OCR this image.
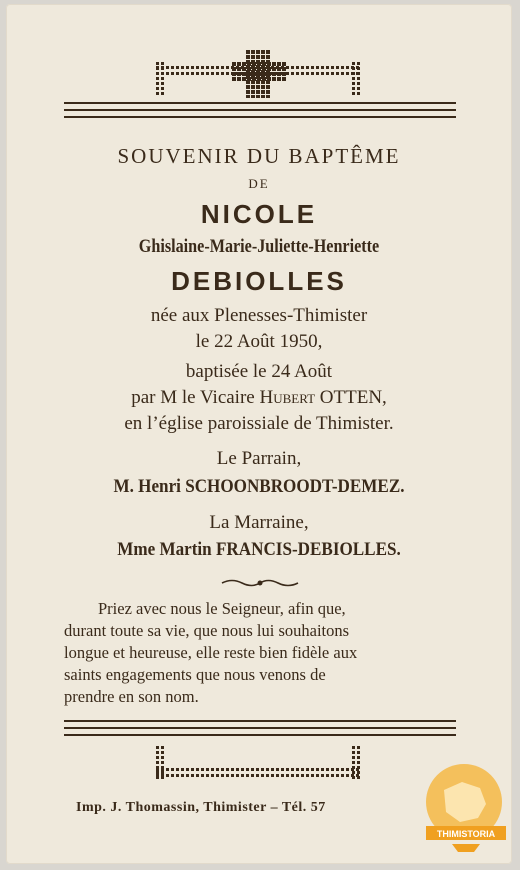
SOUVENIR DU BAPTÊME
DE
NICOLE
Ghislaine-Marie-Juliette-Henriette
DEBIOLLES
née aux Plenesses-Thimister
le 22 Août 1950,
baptisée le 24 Août
par M le Vicaire Hubert OTTEN,
en l’église paroissiale de Thimister.
Le Parrain,
M. Henri SCHOONBROODT-DEMEZ.
La Marraine,
Mme Martin FRANCIS-DEBIOLLES.
Priez avec nous le Seigneur, afin que,
durant toute sa vie, que nous lui souhaitons
longue et heureuse, elle reste bien fidèle aux
saints engagements que nous venons de
prendre en son nom.
Imp. J. Thomassin, Thimister – Tél. 57
THIMISTORIA
